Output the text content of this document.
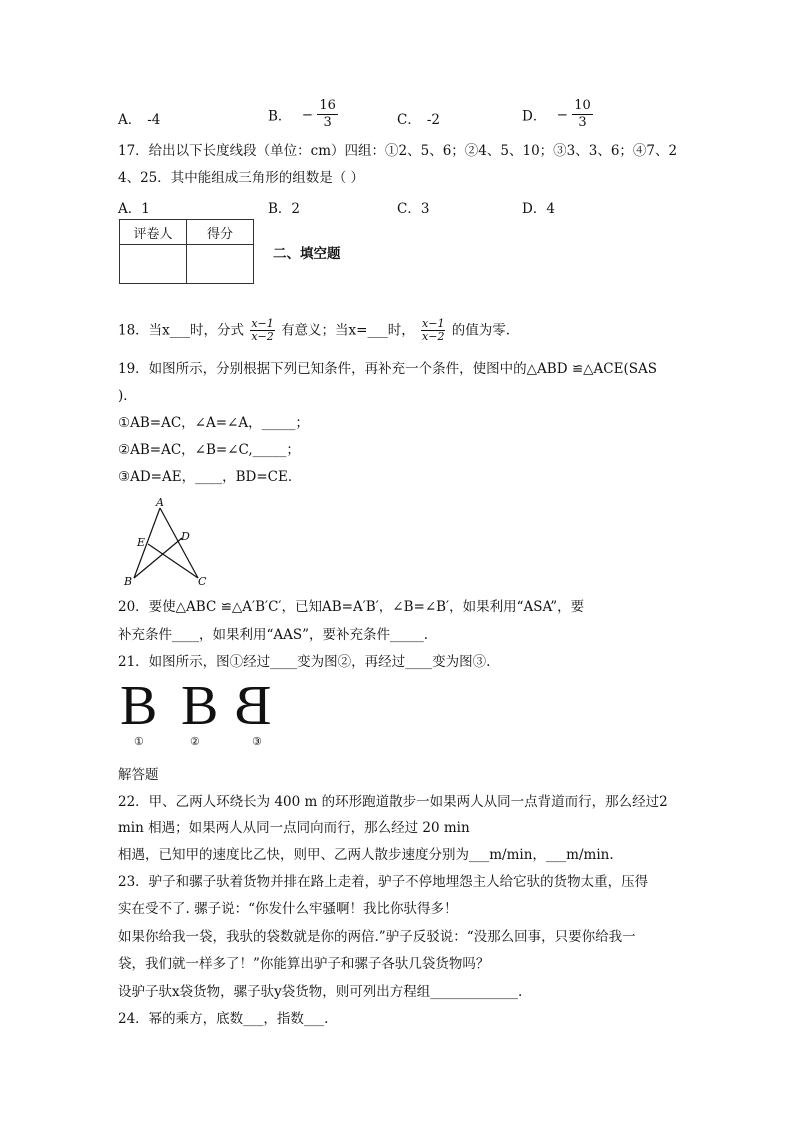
A． -4	B． − $\frac{16}{3}$	C． -2	D． − $\frac{10}{3}$
17．给出以下长度线段（单位：cm）四组：①2、5、6；②4、5、10；③3、3、6；④7、2
4、25．其中能组成三角形的组数是（ ）
A．1	B．2	C．3	D．4
评卷人	得分

二、填空题
18．当x___时，分式 $\frac{x-1}{x-2}$ 有意义；当x=___时， $\frac{x-1}{x-2}$ 的值为零.
19．如图所示，分别根据下列已知条件，再补充一个条件，使图中的△ABD ≌△ACE(SAS
)．
①AB=AC，∠A=∠A，_____；
②AB=AC，∠B=∠C,_____；
③AD=AE，____，BD=CE．
A
B	C
D
E
20．要使△ABC ≌△A′B′C′，已知AB=A′B′，∠B=∠B′，如果利用“ASA”，要
补充条件____，如果利用“AAS”，要补充条件_____.
21．如图所示，图①经过____变为图②，再经过____变为图③.
B B B
①	②	③
解答题
22．甲、乙两人环绕长为 400 m 的环形跑道散步一如果两人从同一点背道而行，那么经过2
min 相遇；如果两人从同一点同向而行，那么经过 20 min
相遇，已知甲的速度比乙快，则甲、乙两人散步速度分别为___m/min，___m/min.
23．驴子和骡子驮着货物并排在路上走着，驴子不停地埋怨主人给它驮的货物太重，压得
实在受不了. 骡子说：“你发什么牢骚啊！我比你驮得多！
如果你给我一袋，我驮的袋数就是你的两倍.”驴子反驳说：“没那么回事，只要你给我一
袋，我们就一样多了！”你能算出驴子和骡子各驮几袋货物吗？
设驴子驮x袋货物，骡子驮y袋货物，则可列出方程组_____________.
24．幂的乘方，底数___，指数___.
